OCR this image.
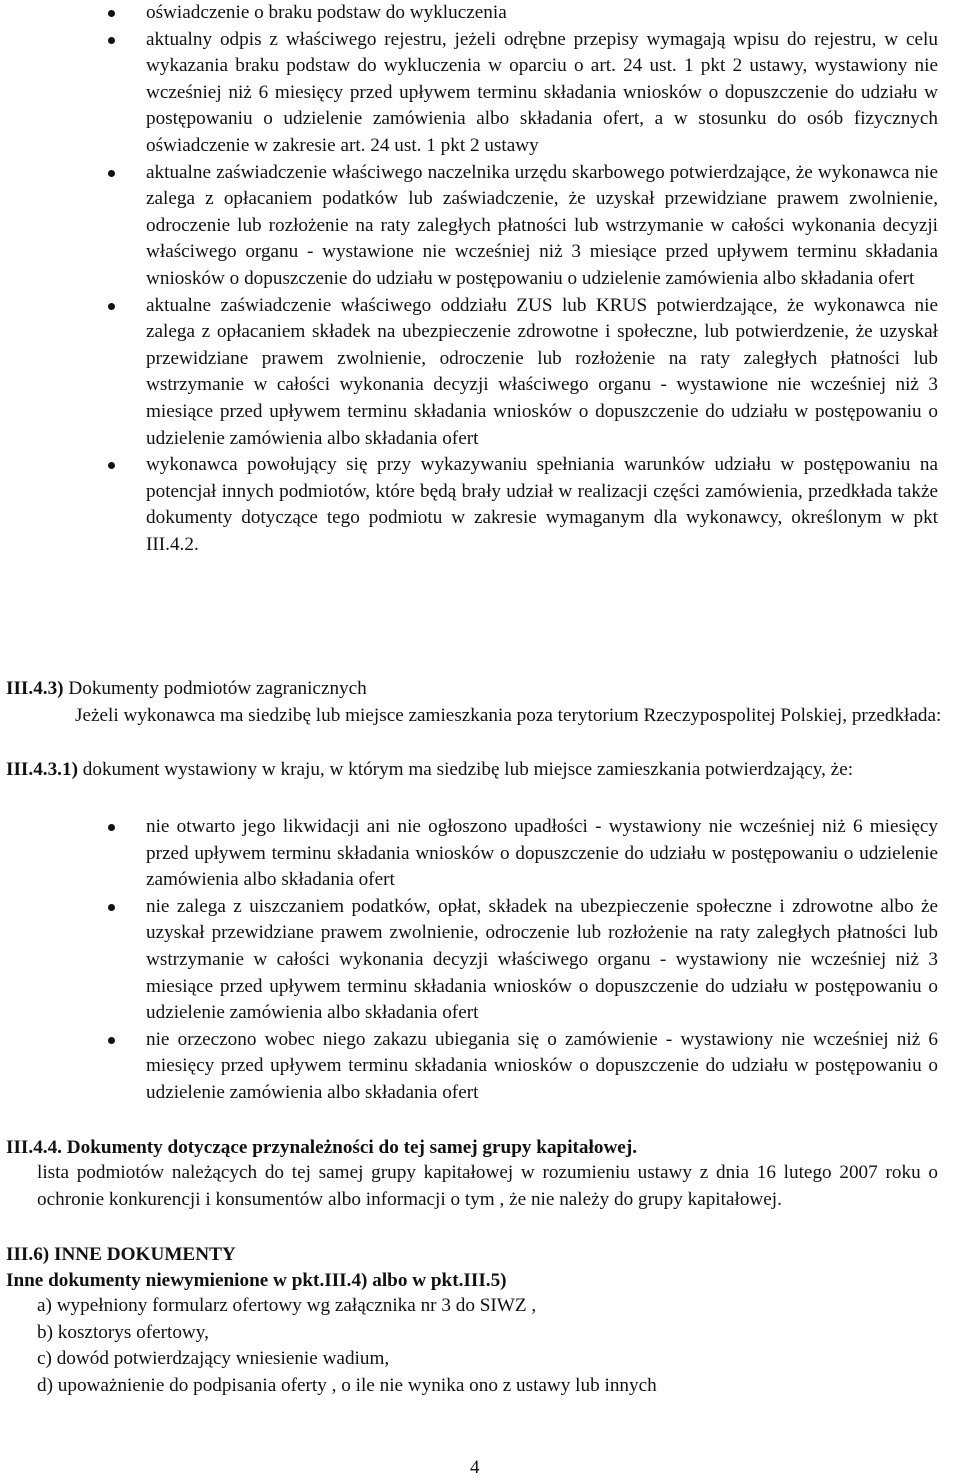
oświadczenie o braku podstaw do wykluczenia
aktualny odpis z właściwego rejestru, jeżeli odrębne przepisy wymagają wpisu do rejestru, w celu wykazania braku podstaw do wykluczenia w oparciu o art. 24 ust. 1 pkt 2 ustawy, wystawiony nie wcześniej niż 6 miesięcy przed upływem terminu składania wniosków o dopuszczenie do udziału w postępowaniu o udzielenie zamówienia albo składania ofert, a w stosunku do osób fizycznych oświadczenie w zakresie art. 24 ust. 1 pkt 2 ustawy
aktualne zaświadczenie właściwego naczelnika urzędu skarbowego potwierdzające, że wykonawca nie zalega z opłacaniem podatków lub zaświadczenie, że uzyskał przewidziane prawem zwolnienie, odroczenie lub rozłożenie na raty zaległych płatności lub wstrzymanie w całości wykonania decyzji właściwego organu - wystawione nie wcześniej niż 3 miesiące przed upływem terminu składania wniosków o dopuszczenie do udziału w postępowaniu o udzielenie zamówienia albo składania ofert
aktualne zaświadczenie właściwego oddziału ZUS lub KRUS potwierdzające, że wykonawca nie zalega z opłacaniem składek na ubezpieczenie zdrowotne i społeczne, lub potwierdzenie, że uzyskał przewidziane prawem zwolnienie, odroczenie lub rozłożenie na raty zaległych płatności lub wstrzymanie w całości wykonania decyzji właściwego organu - wystawione nie wcześniej niż 3 miesiące przed upływem terminu składania wniosków o dopuszczenie do udziału w postępowaniu o udzielenie zamówienia albo składania ofert
wykonawca powołujący się przy wykazywaniu spełniania warunków udziału w postępowaniu na potencjał innych podmiotów, które będą brały udział w realizacji części zamówienia, przedkłada także dokumenty dotyczące tego podmiotu w zakresie wymaganym dla wykonawcy, określonym w pkt III.4.2.
III.4.3) Dokumenty podmiotów zagranicznych
Jeżeli wykonawca ma siedzibę lub miejsce zamieszkania poza terytorium Rzeczypospolitej Polskiej, przedkłada:
III.4.3.1) dokument wystawiony w kraju, w którym ma siedzibę lub miejsce zamieszkania potwierdzający, że:
nie otwarto jego likwidacji ani nie ogłoszono upadłości - wystawiony nie wcześniej niż 6 miesięcy przed upływem terminu składania wniosków o dopuszczenie do udziału w postępowaniu o udzielenie zamówienia albo składania ofert
nie zalega z uiszczaniem podatków, opłat, składek na ubezpieczenie społeczne i zdrowotne albo że uzyskał przewidziane prawem zwolnienie, odroczenie lub rozłożenie na raty zaległych płatności lub wstrzymanie w całości wykonania decyzji właściwego organu - wystawiony nie wcześniej niż 3 miesiące przed upływem terminu składania wniosków o dopuszczenie do udziału w postępowaniu o udzielenie zamówienia albo składania ofert
nie orzeczono wobec niego zakazu ubiegania się o zamówienie - wystawiony nie wcześniej niż 6 miesięcy przed upływem terminu składania wniosków o dopuszczenie do udziału w postępowaniu o udzielenie zamówienia albo składania ofert
III.4.4. Dokumenty dotyczące przynależności do tej samej grupy kapitałowej.
lista podmiotów należących do tej samej grupy kapitałowej w rozumieniu ustawy z dnia 16 lutego 2007 roku o ochronie konkurencji i konsumentów albo informacji o tym , że nie należy do grupy kapitałowej.
III.6) INNE DOKUMENTY
Inne dokumenty niewymienione w pkt.III.4) albo w pkt.III.5)
a) wypełniony formularz ofertowy wg załącznika nr 3 do SIWZ ,
b) kosztorys ofertowy,
c) dowód potwierdzający wniesienie wadium,
d) upoważnienie do podpisania oferty , o ile nie wynika ono z ustawy lub innych
4
